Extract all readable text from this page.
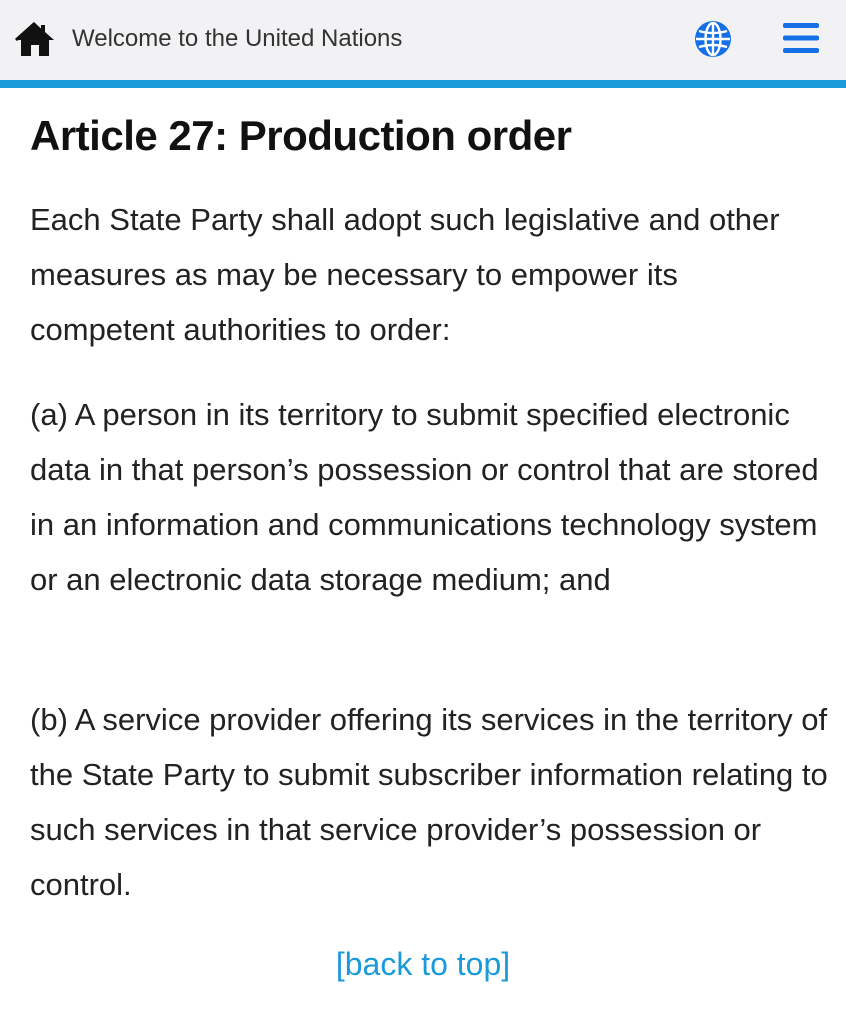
Welcome to the United Nations
Article 27: Production order

Each State Party shall adopt such legislative and other measures as may be necessary to empower its competent authorities to order:

(a) A person in its territory to submit specified electronic data in that person’s possession or control that are stored in an information and communications technology system or an electronic data storage medium; and

(b) A service provider offering its services in the territory of the State Party to submit subscriber information relating to such services in that service provider’s possession or control.

[back to top]
